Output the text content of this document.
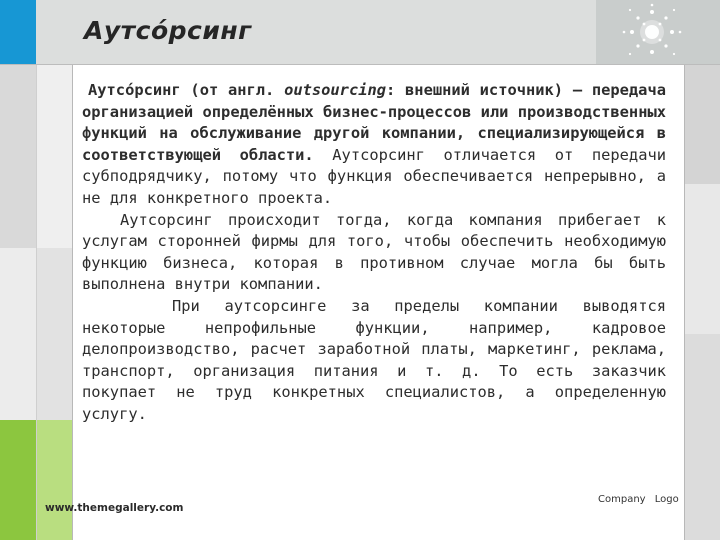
Аутсóрсинг

Аутсóрсинг (от англ. outsourcing: внешний источник) — передача организацией определённых бизнес-процессов или производственных функций на обслуживание другой компании, специализирующейся в соответствующей области. Аутсорсинг отличается от передачи субподрядчику, потому что функция обеспечивается непрерывно, а не для конкретного проекта.

Аутсорсинг происходит тогда, когда компания прибегает к услугам сторонней фирмы для того, чтобы обеспечить необходимую функцию бизнеса, которая в противном случае могла бы быть выполнена внутри компании.

При аутсорсинге за пределы компании выводятся некоторые непрофильные функции, например, кадровое делопроизводство, расчет заработной платы, маркетинг, реклама, транспорт, организация питания и т. д. То есть заказчик покупает не труд конкретных специалистов, а определенную услугу.

www.themegallery.com
Company Logo
